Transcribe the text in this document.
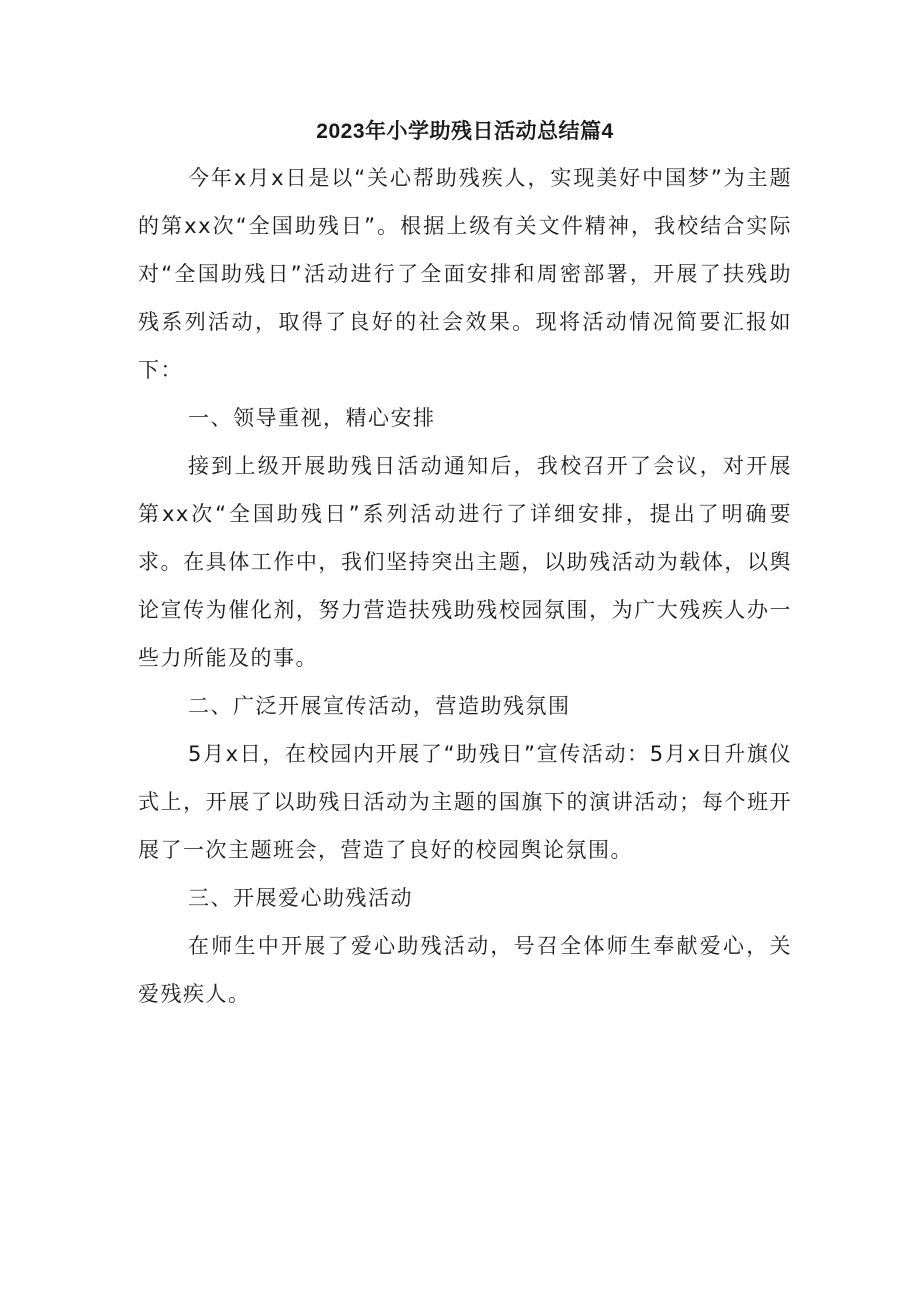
2023年小学助残日活动总结篇4

今年x月x日是以“关心帮助残疾人，实现美好中国梦”为主题的第xx次“全国助残日”。根据上级有关文件精神，我校结合实际对“全国助残日”活动进行了全面安排和周密部署，开展了扶残助残系列活动，取得了良好的社会效果。现将活动情况简要汇报如下：

一、领导重视，精心安排

接到上级开展助残日活动通知后，我校召开了会议，对开展第xx次“全国助残日”系列活动进行了详细安排，提出了明确要求。在具体工作中，我们坚持突出主题，以助残活动为载体，以舆论宣传为催化剂，努力营造扶残助残校园氛围，为广大残疾人办一些力所能及的事。

二、广泛开展宣传活动，营造助残氛围

5月x日，在校园内开展了“助残日”宣传活动：5月x日升旗仪式上，开展了以助残日活动为主题的国旗下的演讲活动；每个班开展了一次主题班会，营造了良好的校园舆论氛围。

三、开展爱心助残活动

在师生中开展了爱心助残活动，号召全体师生奉献爱心，关爱残疾人。
